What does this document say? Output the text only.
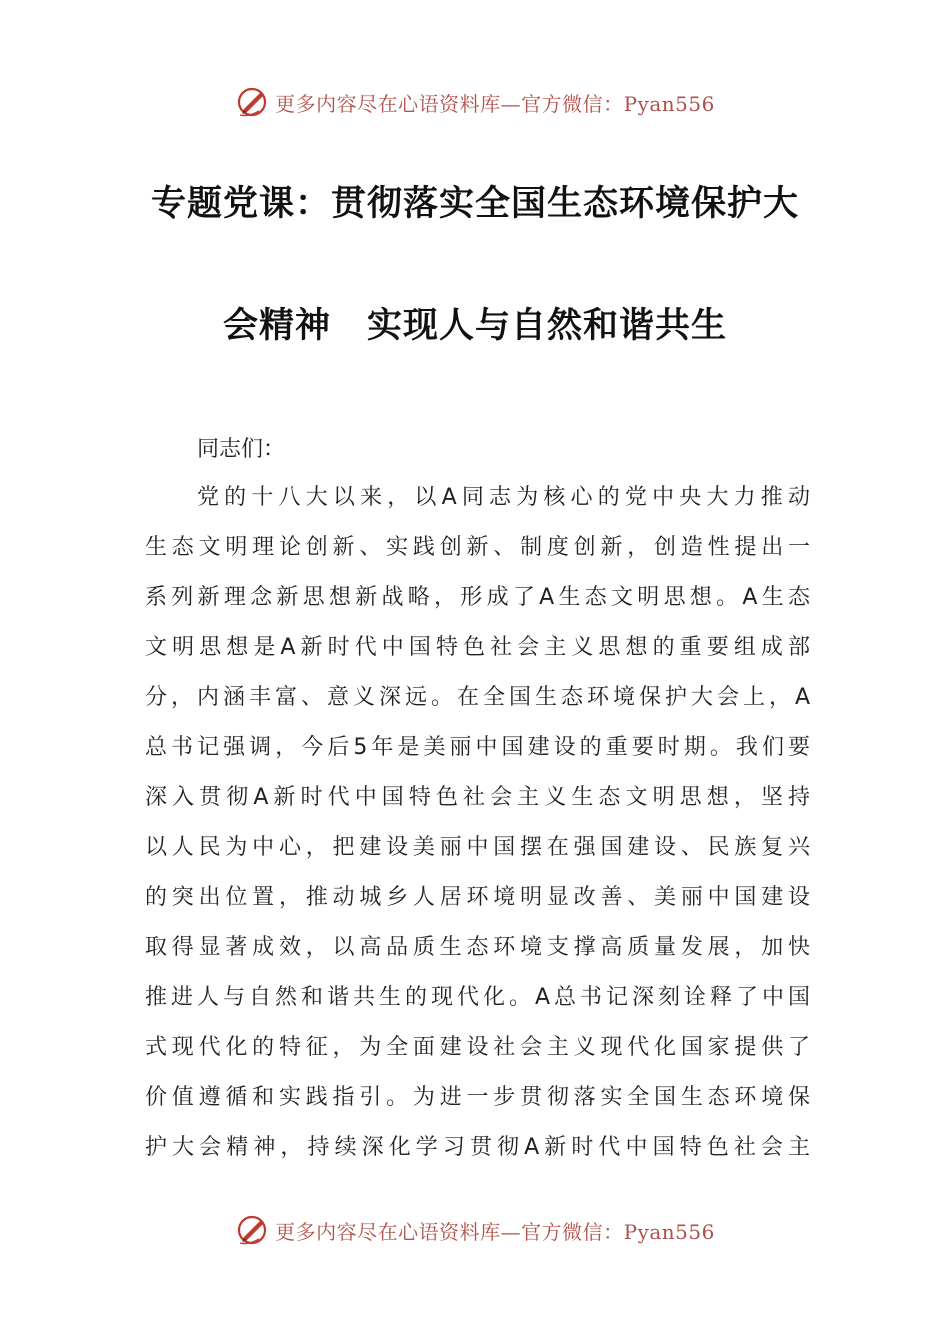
更多内容尽在心语资料库—官方微信：Pyan556
专题党课：贯彻落实全国生态环境保护大
会精神　实现人与自然和谐共生
同志们：
党的十八大以来，以A同志为核心的党中央大力推动
生态文明理论创新、实践创新、制度创新，创造性提出一
系列新理念新思想新战略，形成了A生态文明思想。A生态
文明思想是A新时代中国特色社会主义思想的重要组成部
分，内涵丰富、意义深远。在全国生态环境保护大会上，A
总书记强调，今后5年是美丽中国建设的重要时期。我们要
深入贯彻A新时代中国特色社会主义生态文明思想，坚持
以人民为中心，把建设美丽中国摆在强国建设、民族复兴
的突出位置，推动城乡人居环境明显改善、美丽中国建设
取得显著成效，以高品质生态环境支撑高质量发展，加快
推进人与自然和谐共生的现代化。A总书记深刻诠释了中国
式现代化的特征，为全面建设社会主义现代化国家提供了
价值遵循和实践指引。为进一步贯彻落实全国生态环境保
护大会精神，持续深化学习贯彻A新时代中国特色社会主
更多内容尽在心语资料库—官方微信：Pyan556
